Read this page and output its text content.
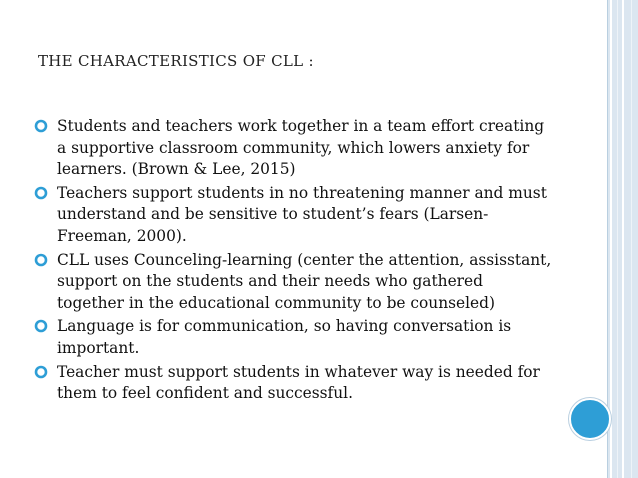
THE CHARACTERISTICS OF CLL :
Students and teachers work together in a team effort creating a supportive classroom community, which lowers anxiety for learners. (Brown & Lee, 2015)
Teachers support students in no threatening manner and must understand and be sensitive to student’s fears (Larsen-Freeman, 2000).
CLL uses Counceling-learning (center the attention, assisstant, support on the students and their needs who gathered together in the educational community to be counseled)
Language is for communication, so having conversation is important.
Teacher must support students in whatever way is needed for them to feel confident and successful.
